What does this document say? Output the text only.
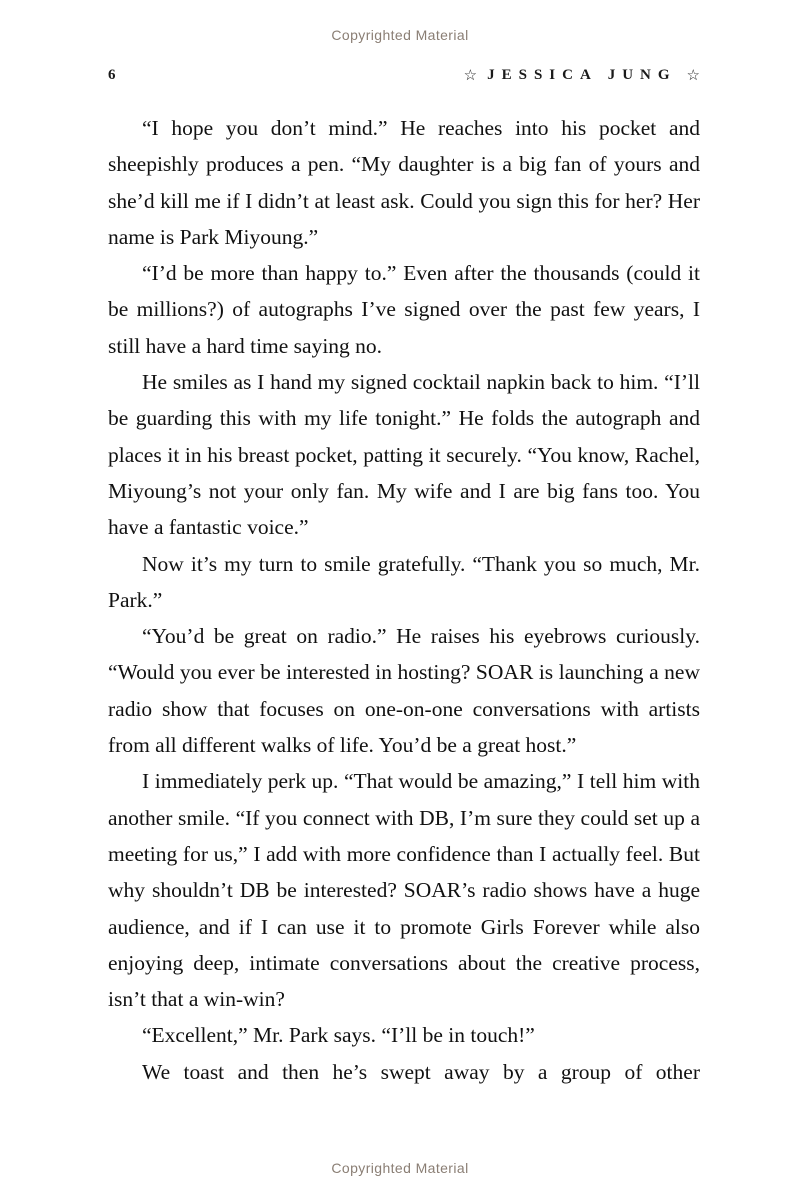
Copyrighted Material
6	☆ JESSICA JUNG ☆

“I hope you don’t mind.” He reaches into his pocket and sheepishly produces a pen. “My daughter is a big fan of yours and she’d kill me if I didn’t at least ask. Could you sign this for her? Her name is Park Miyoung.”

“I’d be more than happy to.” Even after the thousands (could it be millions?) of autographs I’ve signed over the past few years, I still have a hard time saying no.

He smiles as I hand my signed cocktail napkin back to him. “I’ll be guarding this with my life tonight.” He folds the autograph and places it in his breast pocket, patting it securely. “You know, Rachel, Miyoung’s not your only fan. My wife and I are big fans too. You have a fantastic voice.”

Now it’s my turn to smile gratefully. “Thank you so much, Mr. Park.”

“You’d be great on radio.” He raises his eyebrows curiously. “Would you ever be interested in hosting? SOAR is launching a new radio show that focuses on one-on-one conversations with artists from all different walks of life. You’d be a great host.”

I immediately perk up. “That would be amazing,” I tell him with another smile. “If you connect with DB, I’m sure they could set up a meeting for us,” I add with more confidence than I actually feel. But why shouldn’t DB be interested? SOAR’s radio shows have a huge audience, and if I can use it to promote Girls Forever while also enjoying deep, intimate conversations about the creative process, isn’t that a win-win?

“Excellent,” Mr. Park says. “I’ll be in touch!”

We toast and then he’s swept away by a group of other

Copyrighted Material
